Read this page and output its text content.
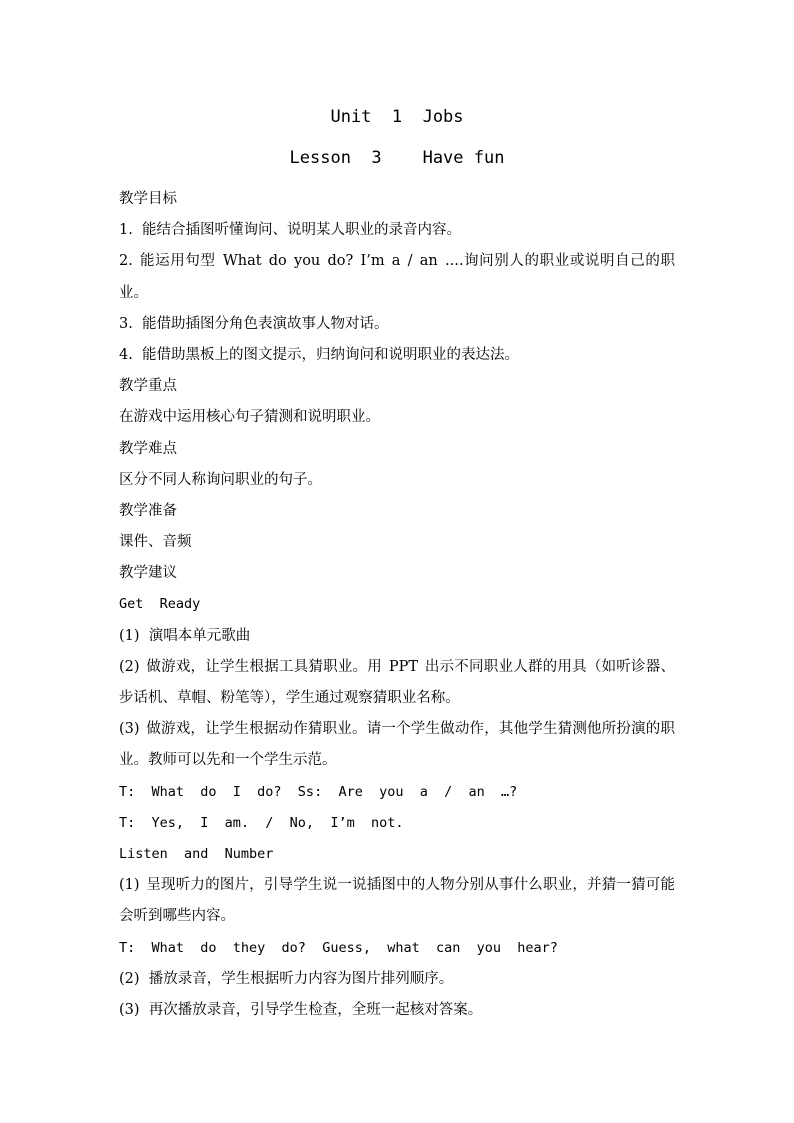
Unit  1  Jobs
Lesson  3    Have fun
教学目标
1.  能结合插图听懂询问、说明某人职业的录音内容。
2. 能运用句型 What do you do? I’m a / an ....询问别人的职业或说明自己的职业。
3.  能借助插图分角色表演故事人物对话。
4.  能借助黑板上的图文提示，归纳询问和说明职业的表达法。
教学重点
在游戏中运用核心句子猜测和说明职业。
教学难点
区分不同人称询问职业的句子。
教学准备
课件、音频
教学建议
Get  Ready
(1)  演唱本单元歌曲
(2) 做游戏，让学生根据工具猜职业。用 PPT 出示不同职业人群的用具（如听诊器、步话机、草帽、粉笔等），学生通过观察猜职业名称。
(3) 做游戏，让学生根据动作猜职业。请一个学生做动作，其他学生猜测他所扮演的职业。教师可以先和一个学生示范。
T:  What  do  I  do?  Ss:  Are  you  a  /  an  …?
T:  Yes,  I  am.  /  No,  I’m  not.
Listen  and  Number
(1) 呈现听力的图片，引导学生说一说插图中的人物分别从事什么职业，并猜一猜可能会听到哪些内容。
T:  What  do  they  do?  Guess,  what  can  you  hear?
(2)  播放录音，学生根据听力内容为图片排列顺序。
(3)  再次播放录音，引导学生检查，全班一起核对答案。
